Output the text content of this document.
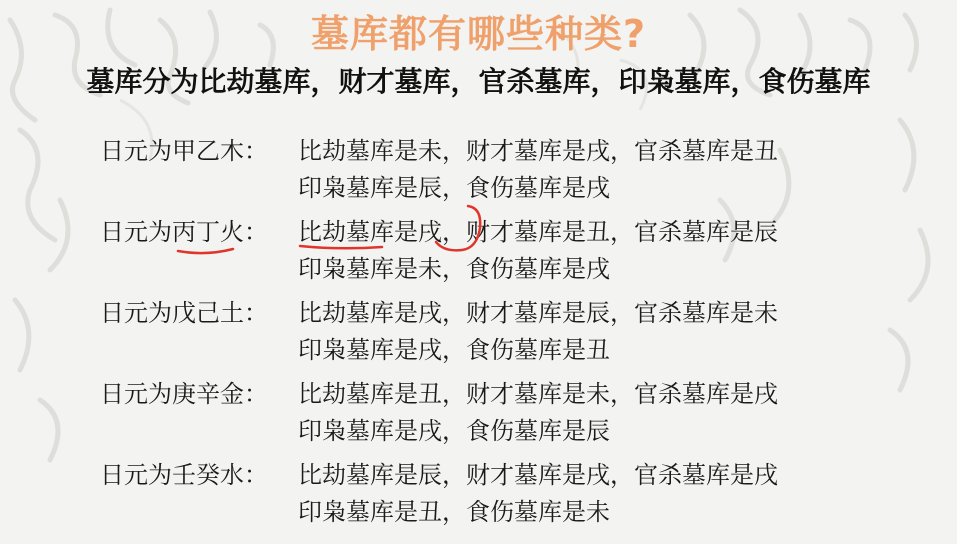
墓库都有哪些种类?
墓库分为比劫墓库，财才墓库，官杀墓库，印枭墓库，食伤墓库
日元为甲乙木： 比劫墓库是未，财才墓库是戌，官杀墓库是丑
印枭墓库是辰，食伤墓库是戌
日元为丙丁火： 比劫墓库是戌，财才墓库是丑，官杀墓库是辰
印枭墓库是未，食伤墓库是戌
日元为戊己土： 比劫墓库是戌，财才墓库是辰，官杀墓库是未
印枭墓库是戌，食伤墓库是丑
日元为庚辛金： 比劫墓库是丑，财才墓库是未，官杀墓库是戌
印枭墓库是戌，食伤墓库是辰
日元为壬癸水： 比劫墓库是辰，财才墓库是戌，官杀墓库是戌
印枭墓库是丑，食伤墓库是未
